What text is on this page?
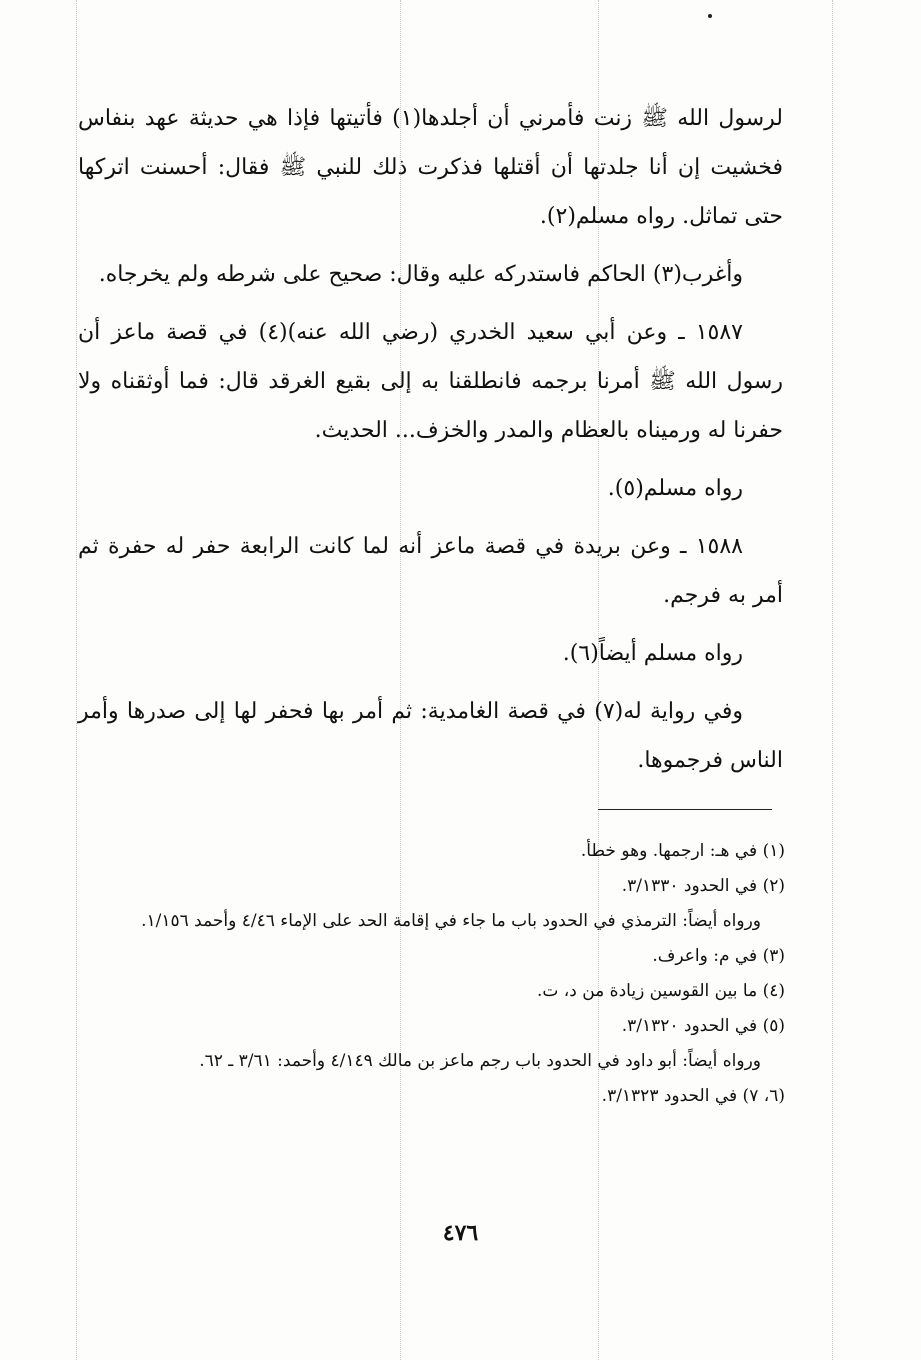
لرسول الله ﷺ زنت فأمرني أن أجلدها(١) فأتيتها فإذا هي حديثة عهد بنفاس فخشيت إن أنا جلدتها أن أقتلها فذكرت ذلك للنبي ﷺ فقال: أحسنت اتركها حتى تماثل. رواه مسلم(٢).

وأغرب(٣) الحاكم فاستدركه عليه وقال: صحيح على شرطه ولم يخرجاه.

١٥٨٧ ـ وعن أبي سعيد الخدري (رضي الله عنه)(٤) في قصة ماعز أن رسول الله ﷺ أمرنا برجمه فانطلقنا به إلى بقيع الغرقد قال: فما أوثقناه ولا حفرنا له ورميناه بالعظام والمدر والخزف... الحديث.

رواه مسلم(٥).

١٥٨٨ ـ وعن بريدة في قصة ماعز أنه لما كانت الرابعة حفر له حفرة ثم أمر به فرجم.

رواه مسلم أيضاً(٦).

وفي رواية له(٧) في قصة الغامدية: ثم أمر بها فحفر لها إلى صدرها وأمر الناس فرجموها.

(١) في هـ: ارجمها. وهو خطأ.

(٢) في الحدود ٣/١٣٣٠.

ورواه أيضاً: الترمذي في الحدود باب ما جاء في إقامة الحد على الإماء ٤/٤٦ وأحمد ١/١٥٦.

(٣) في م: واعرف.

(٤) ما بين القوسين زيادة من د، ت.

(٥) في الحدود ٣/١٣٢٠.

ورواه أيضاً: أبو داود في الحدود باب رجم ماعز بن مالك ٤/١٤٩ وأحمد: ٣/٦١ ـ ٦٢.

(٦، ٧) في الحدود ٣/١٣٢٣.

٤٧٦
